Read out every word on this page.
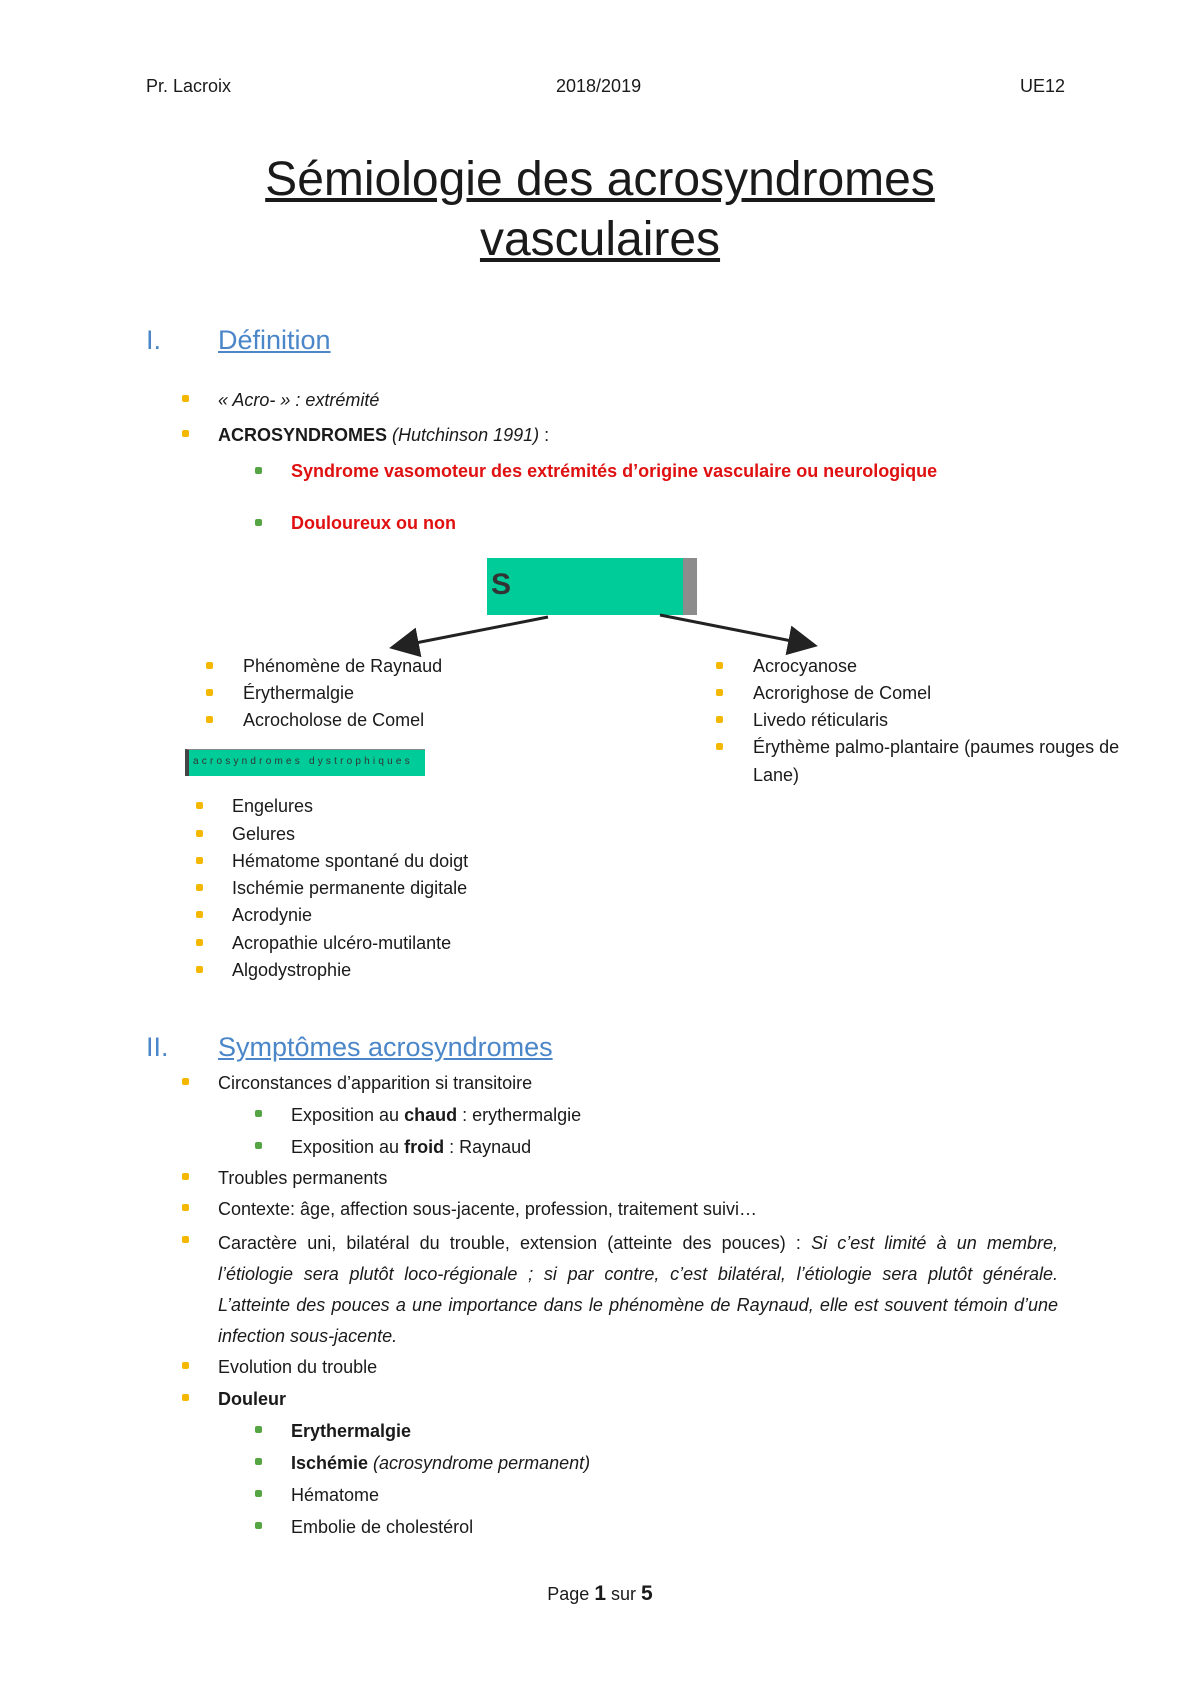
Pr. Lacroix	2018/2019	UE12
Sémiologie des acrosyndromes
vasculaires
I. Définition
« Acro- » : extrémité
ACROSYNDROMES (Hutchinson 1991) :
Syndrome vasomoteur des extrémités d’origine vasculaire ou neurologique
Douloureux ou non
S
Phénomène de Raynaud
Érythermalgie
Acrocholose de Comel
Acrocyanose
Acrorighose de Comel
Livedo réticularis
Érythème palmo-plantaire (paumes rouges de
Lane)
acrosyndromes dystrophiques
Engelures
Gelures
Hématome spontané du doigt
Ischémie permanente digitale
Acrodynie
Acropathie ulcéro-mutilante
Algodystrophie
II. Symptômes acrosyndromes
Circonstances d’apparition si transitoire
Exposition au chaud : erythermalgie
Exposition au froid : Raynaud
Troubles permanents
Contexte: âge, affection sous-jacente, profession, traitement suivi…
Caractère uni, bilatéral du trouble, extension (atteinte des pouces) : Si c’est limité à un membre, l’étiologie sera plutôt loco-régionale ; si par contre, c’est bilatéral, l’étiologie sera plutôt générale. L’atteinte des pouces a une importance dans le phénomène de Raynaud, elle est souvent témoin d’une infection sous-jacente.
Evolution du trouble
Douleur
Erythermalgie
Ischémie (acrosyndrome permanent)
Hématome
Embolie de cholestérol
Page 1 sur 5
